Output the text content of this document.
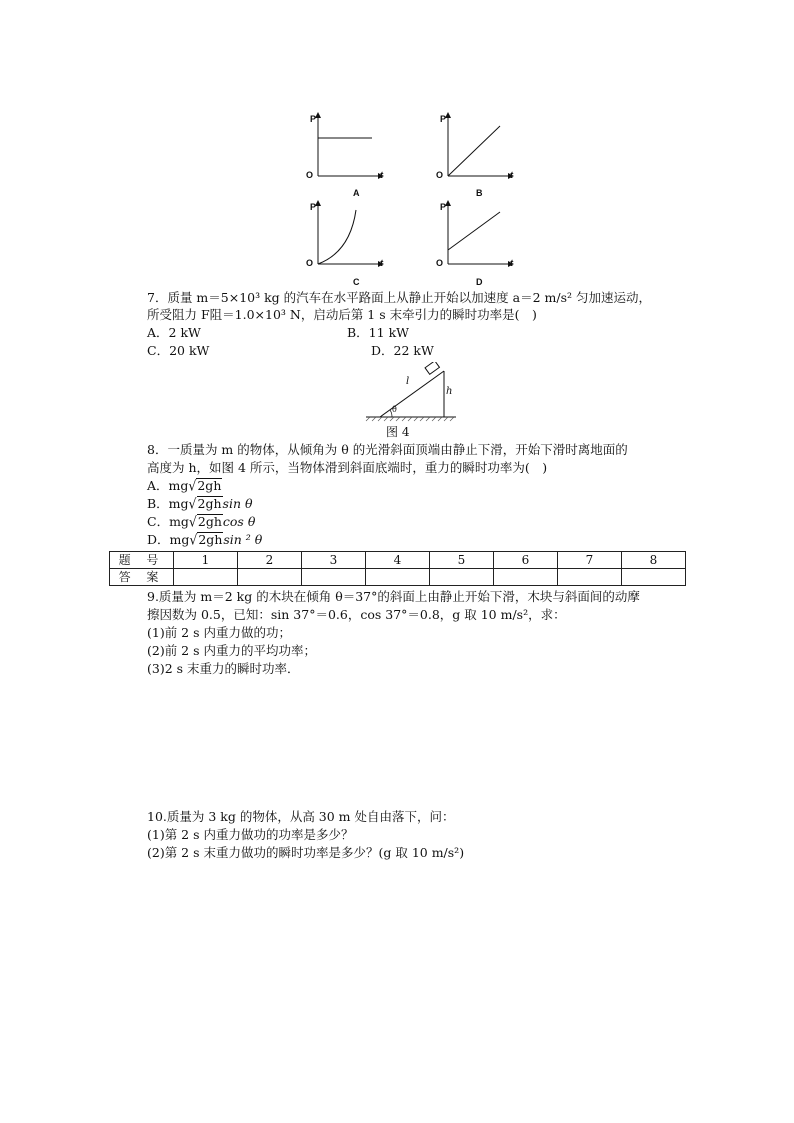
P
O	t
A
P
O	t
B
P
O	t
C
P
O	t
D
7．质量 m＝5×10³ kg 的汽车在水平路面上从静止开始以加速度 a＝2 m/s² 匀加速运动，
所受阻力 F阻＝1.0×10³ N，启动后第 1 s 末牵引力的瞬时功率是(　)
A．2 kW	B．11 kW
C．20 kW	D．22 kW
l
h
θ
图 4
8．一质量为 m 的物体，从倾角为 θ 的光滑斜面顶端由静止下滑，开始下滑时离地面的
高度为 h，如图 4 所示，当物体滑到斜面底端时，重力的瞬时功率为(　)
A．mg√2gh
B．mg√2ghsin θ
C．mg√2ghcos θ
D．mg√2ghsin ² θ
题 号	1	2	3	4	5	6	7	8
答 案								
9.质量为 m＝2 kg 的木块在倾角 θ＝37°的斜面上由静止开始下滑，木块与斜面间的动摩
擦因数为 0.5，已知：sin 37°＝0.6，cos 37°＝0.8，g 取 10 m/s²，求：
(1)前 2 s 内重力做的功；
(2)前 2 s 内重力的平均功率；
(3)2 s 末重力的瞬时功率．
10.质量为 3 kg 的物体，从高 30 m 处自由落下，问：
(1)第 2 s 内重力做功的功率是多少？
(2)第 2 s 末重力做功的瞬时功率是多少？(g 取 10 m/s²)
